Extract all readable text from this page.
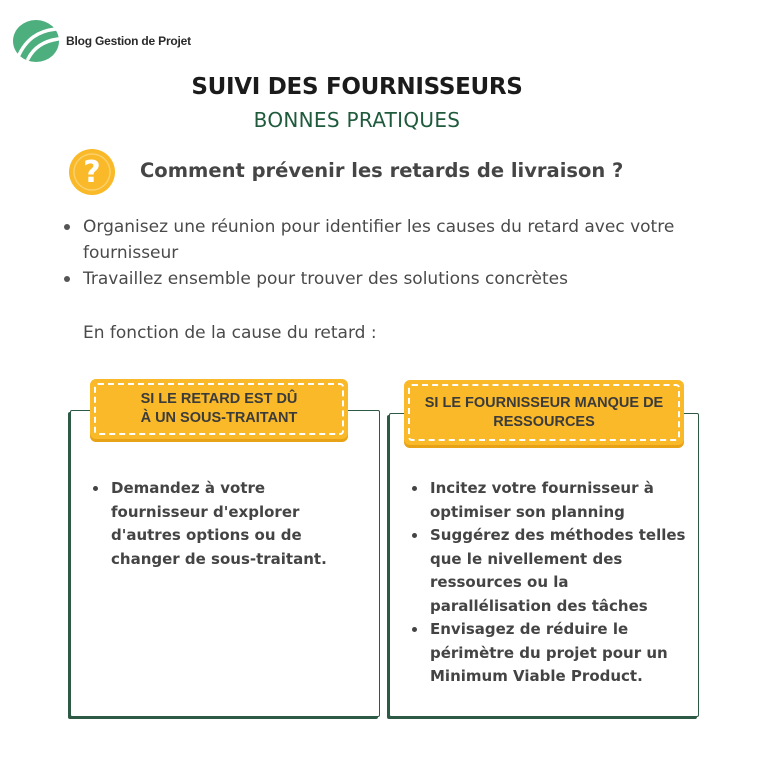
Blog Gestion de Projet
SUIVI DES FOURNISSEURS
BONNES PRATIQUES
? Comment prévenir les retards de livraison ?
Organisez une réunion pour identifier les causes du retard avec votre fournisseur
Travaillez ensemble pour trouver des solutions concrètes
En fonction de la cause du retard :
SI LE RETARD EST DÛ
À UN SOUS-TRAITANT
Demandez à votre fournisseur d'explorer d'autres options ou de changer de sous-traitant.
SI LE FOURNISSEUR MANQUE DE
RESSOURCES
Incitez votre fournisseur à optimiser son planning
Suggérez des méthodes telles que le nivellement des ressources ou la parallélisation des tâches
Envisagez de réduire le périmètre du projet pour un Minimum Viable Product.
